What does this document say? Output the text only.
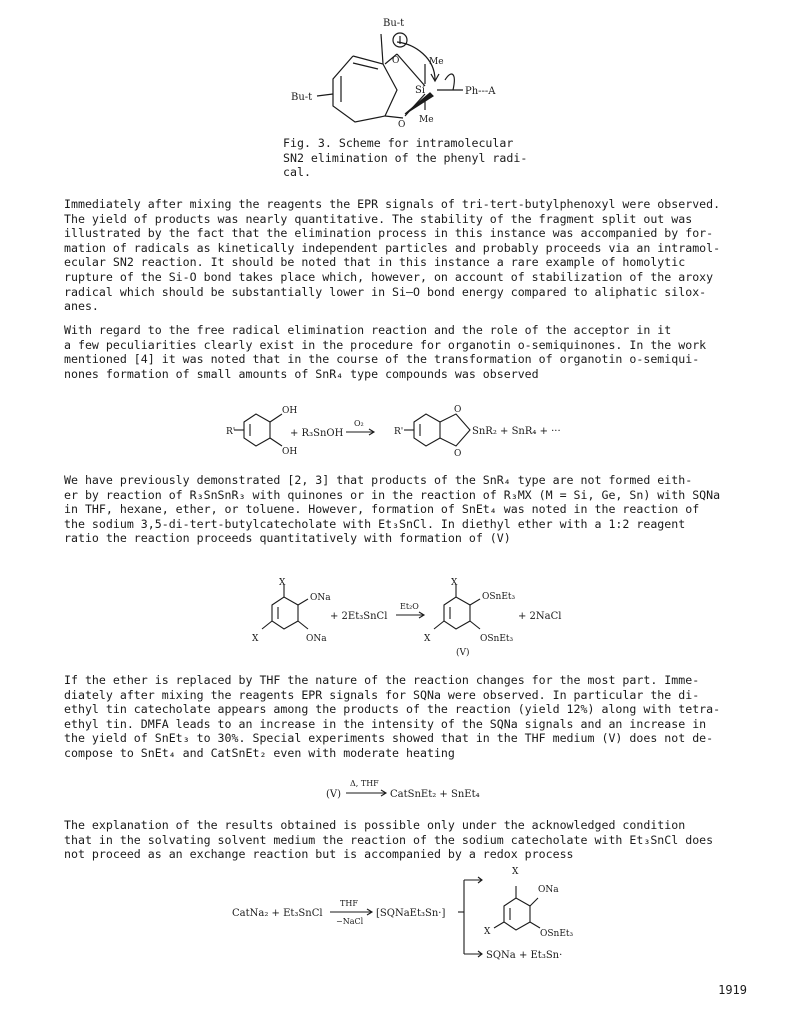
Bu-t
Bu-t
Me
Me
Si
O
O
Ph---A
Fig. 3. Scheme for intramolecular
SN2 elimination of the phenyl radi-
cal.
Immediately after mixing the reagents the EPR signals of tri-tert-butylphenoxyl were observed.
The yield of products was nearly quantitative. The stability of the fragment split out was
illustrated by the fact that the elimination process in this instance was accompanied by for-
mation of radicals as kinetically independent particles and probably proceeds via an intramol-
ecular SN2 reaction. It should be noted that in this instance a rare example of homolytic
rupture of the Si-O bond takes place which, however, on account of stabilization of the aroxy
radical which should be substantially lower in Si—O bond energy compared to aliphatic silox-
anes.
With regard to the free radical elimination reaction and the role of the acceptor in it
a few peculiarities clearly exist in the procedure for organotin o-semiquinones. In the work
mentioned [4] it was noted that in the course of the transformation of organotin o-semiqui-
nones formation of small amounts of SnR₄ type compounds was observed
R'
OH
OH
+ R₃SnOH
O₂
R'
O
O
SnR₂ + SnR₄ + ···
We have previously demonstrated [2, 3] that products of the SnR₄ type are not formed eith-
er by reaction of R₃SnSnR₃ with quinones or in the reaction of R₃MX (M = Si, Ge, Sn) with SQNa
in THF, hexane, ether, or toluene. However, formation of SnEt₄ was noted in the reaction of
the sodium 3,5-di-tert-butylcatecholate with Et₃SnCl. In diethyl ether with a 1:2 reagent
ratio the reaction proceeds quantitatively with formation of (V)
X
ONa
X	ONa
+ 2Et₃SnCl
Et₂O
X
OSnEt₃
X	OSnEt₃
(V)
+ 2NaCl
If the ether is replaced by THF the nature of the reaction changes for the most part. Imme-
diately after mixing the reagents EPR signals for SQNa were observed. In particular the di-
ethyl tin catecholate appears among the products of the reaction (yield 12%) along with tetra-
ethyl tin. DMFA leads to an increase in the intensity of the SQNa signals and an increase in
the yield of SnEt₃ to 30%. Special experiments showed that in the THF medium (V) does not de-
compose to SnEt₄ and CatSnEt₂ even with moderate heating
(V)
Δ, THF
CatSnEt₂ + SnEt₄
The explanation of the results obtained is possible only under the acknowledged condition
that in the solvating solvent medium the reaction of the sodium catecholate with Et₃SnCl does
not proceed as an exchange reaction but is accompanied by a redox process
CatNa₂ + Et₃SnCl
THF
−NaCl
[SQNaEt₃Sn·]
X
ONa
X	OSnEt₃
SQNa + Et₃Sn·
1919
